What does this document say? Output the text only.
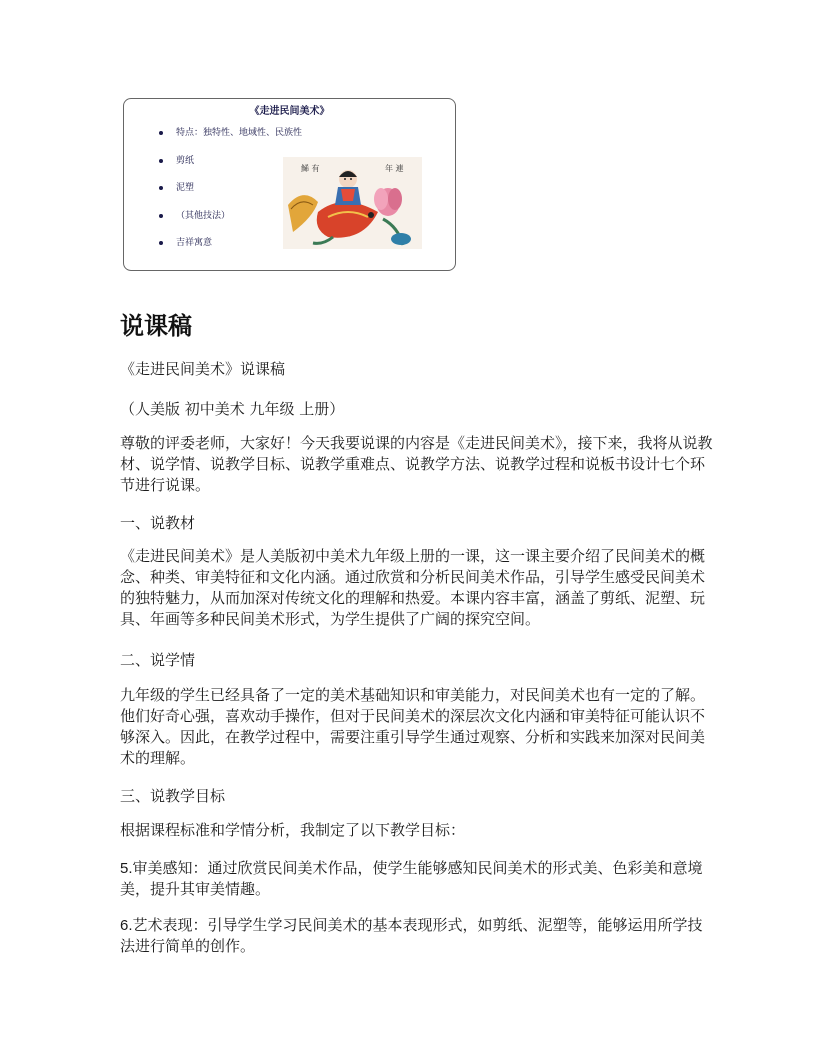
《走进民间美术》
特点：独特性、地域性、民族性
剪纸
泥塑
（其他技法）
吉祥寓意
鯑 有	年 連
说课稿

《走进民间美术》说课稿

（人美版 初中美术 九年级 上册）

尊敬的评委老师，大家好！今天我要说课的内容是《走进民间美术》，接下来，我将从说教材、说学情、说教学目标、说教学重难点、说教学方法、说教学过程和说板书设计七个环节进行说课。

一、说教材

《走进民间美术》是人美版初中美术九年级上册的一课，这一课主要介绍了民间美术的概念、种类、审美特征和文化内涵。通过欣赏和分析民间美术作品，引导学生感受民间美术的独特魅力，从而加深对传统文化的理解和热爱。本课内容丰富，涵盖了剪纸、泥塑、玩具、年画等多种民间美术形式，为学生提供了广阔的探究空间。

二、说学情

九年级的学生已经具备了一定的美术基础知识和审美能力，对民间美术也有一定的了解。他们好奇心强，喜欢动手操作，但对于民间美术的深层次文化内涵和审美特征可能认识不够深入。因此，在教学过程中，需要注重引导学生通过观察、分析和实践来加深对民间美术的理解。

三、说教学目标

根据课程标准和学情分析，我制定了以下教学目标：

5.审美感知：通过欣赏民间美术作品，使学生能够感知民间美术的形式美、色彩美和意境美，提升其审美情趣。

6.艺术表现：引导学生学习民间美术的基本表现形式，如剪纸、泥塑等，能够运用所学技法进行简单的创作。
